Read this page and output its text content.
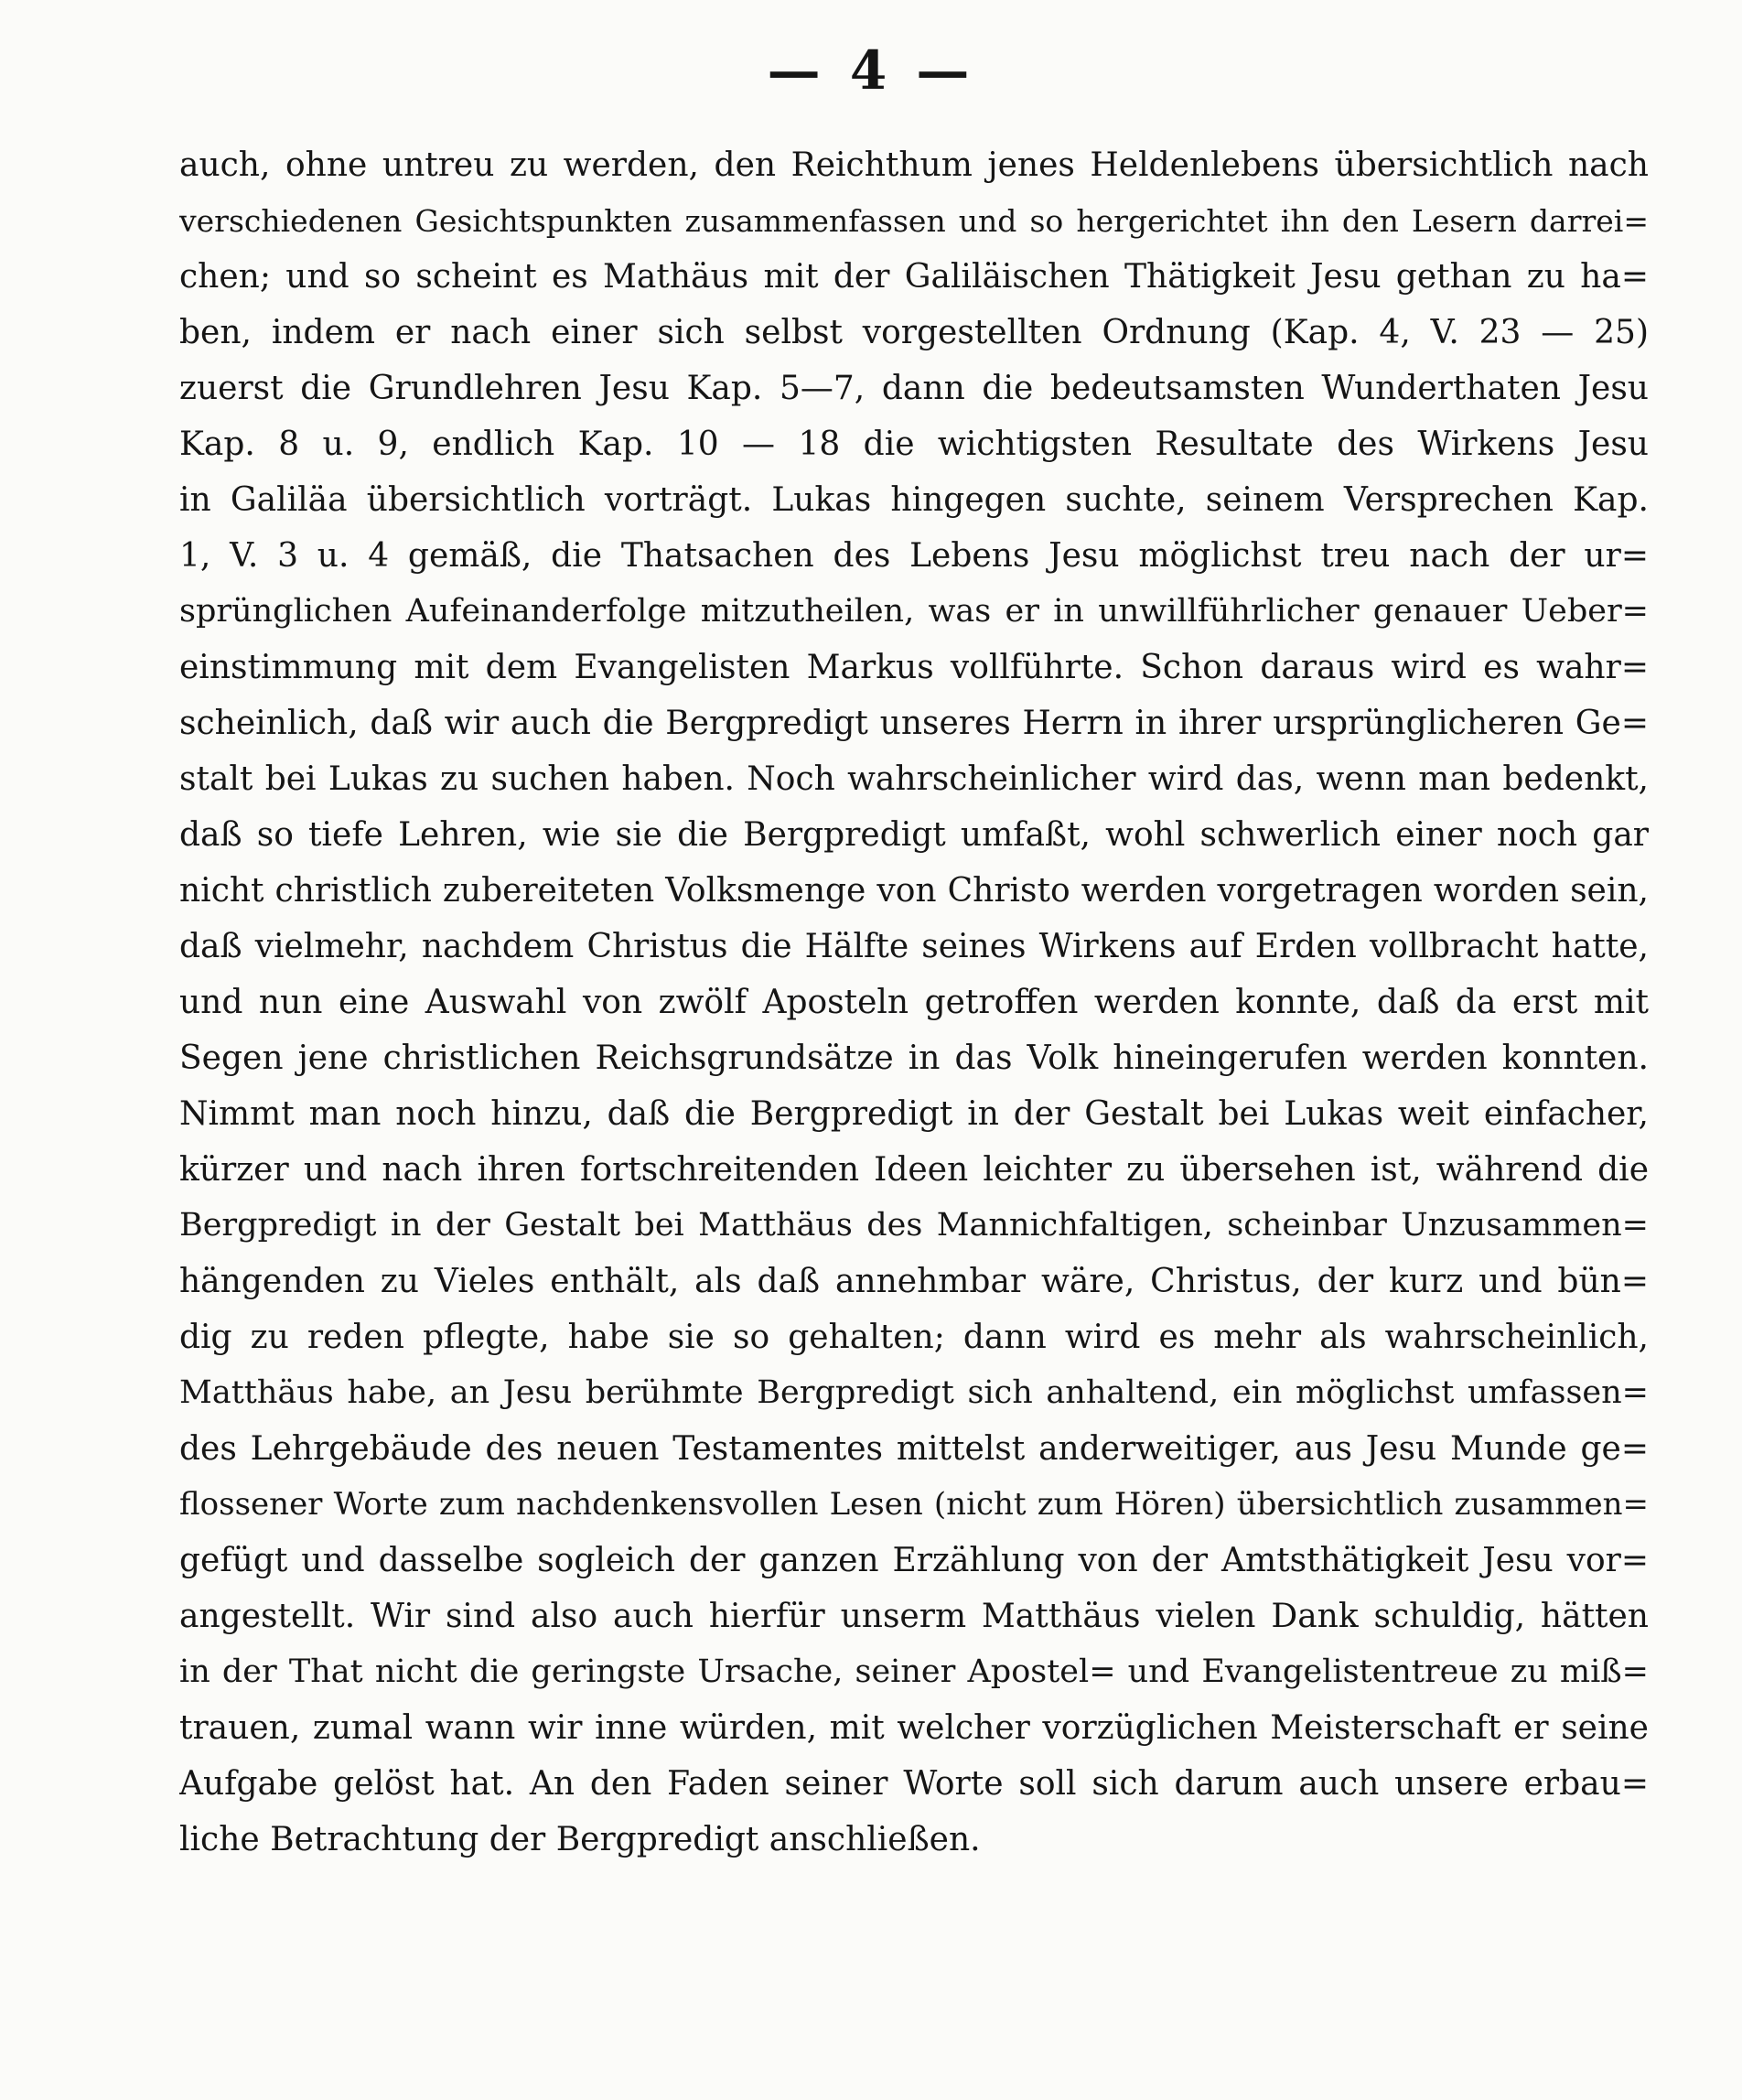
— 4 —
auch, ohne untreu zu werden, den Reichthum jenes Heldenlebens übersichtlich nach
verschiedenen Gesichtspunkten zusammenfassen und so hergerichtet ihn den Lesern darrei=
chen; und so scheint es Mathäus mit der Galiläischen Thätigkeit Jesu gethan zu ha=
ben, indem er nach einer sich selbst vorgestellten Ordnung (Kap. 4, V. 23 — 25)
zuerst die Grundlehren Jesu Kap. 5—7, dann die bedeutsamsten Wunderthaten Jesu
Kap. 8 u. 9, endlich Kap. 10 — 18 die wichtigsten Resultate des Wirkens Jesu
in Galiläa übersichtlich vorträgt. Lukas hingegen suchte, seinem Versprechen Kap.
1, V. 3 u. 4 gemäß, die Thatsachen des Lebens Jesu möglichst treu nach der ur=
sprünglichen Aufeinanderfolge mitzutheilen, was er in unwillführlicher genauer Ueber=
einstimmung mit dem Evangelisten Markus vollführte. Schon daraus wird es wahr=
scheinlich, daß wir auch die Bergpredigt unseres Herrn in ihrer ursprünglicheren Ge=
stalt bei Lukas zu suchen haben. Noch wahrscheinlicher wird das, wenn man bedenkt,
daß so tiefe Lehren, wie sie die Bergpredigt umfaßt, wohl schwerlich einer noch gar
nicht christlich zubereiteten Volksmenge von Christo werden vorgetragen worden sein,
daß vielmehr, nachdem Christus die Hälfte seines Wirkens auf Erden vollbracht hatte,
und nun eine Auswahl von zwölf Aposteln getroffen werden konnte, daß da erst mit
Segen jene christlichen Reichsgrundsätze in das Volk hineingerufen werden konnten.
Nimmt man noch hinzu, daß die Bergpredigt in der Gestalt bei Lukas weit einfacher,
kürzer und nach ihren fortschreitenden Ideen leichter zu übersehen ist, während die
Bergpredigt in der Gestalt bei Matthäus des Mannichfaltigen, scheinbar Unzusammen=
hängenden zu Vieles enthält, als daß annehmbar wäre, Christus, der kurz und bün=
dig zu reden pflegte, habe sie so gehalten; dann wird es mehr als wahrscheinlich,
Matthäus habe, an Jesu berühmte Bergpredigt sich anhaltend, ein möglichst umfassen=
des Lehrgebäude des neuen Testamentes mittelst anderweitiger, aus Jesu Munde ge=
flossener Worte zum nachdenkensvollen Lesen (nicht zum Hören) übersichtlich zusammen=
gefügt und dasselbe sogleich der ganzen Erzählung von der Amtsthätigkeit Jesu vor=
angestellt. Wir sind also auch hierfür unserm Matthäus vielen Dank schuldig, hätten
in der That nicht die geringste Ursache, seiner Apostel= und Evangelistentreue zu miß=
trauen, zumal wann wir inne würden, mit welcher vorzüglichen Meisterschaft er seine
Aufgabe gelöst hat. An den Faden seiner Worte soll sich darum auch unsere erbau=
liche Betrachtung der Bergpredigt anschließen.
